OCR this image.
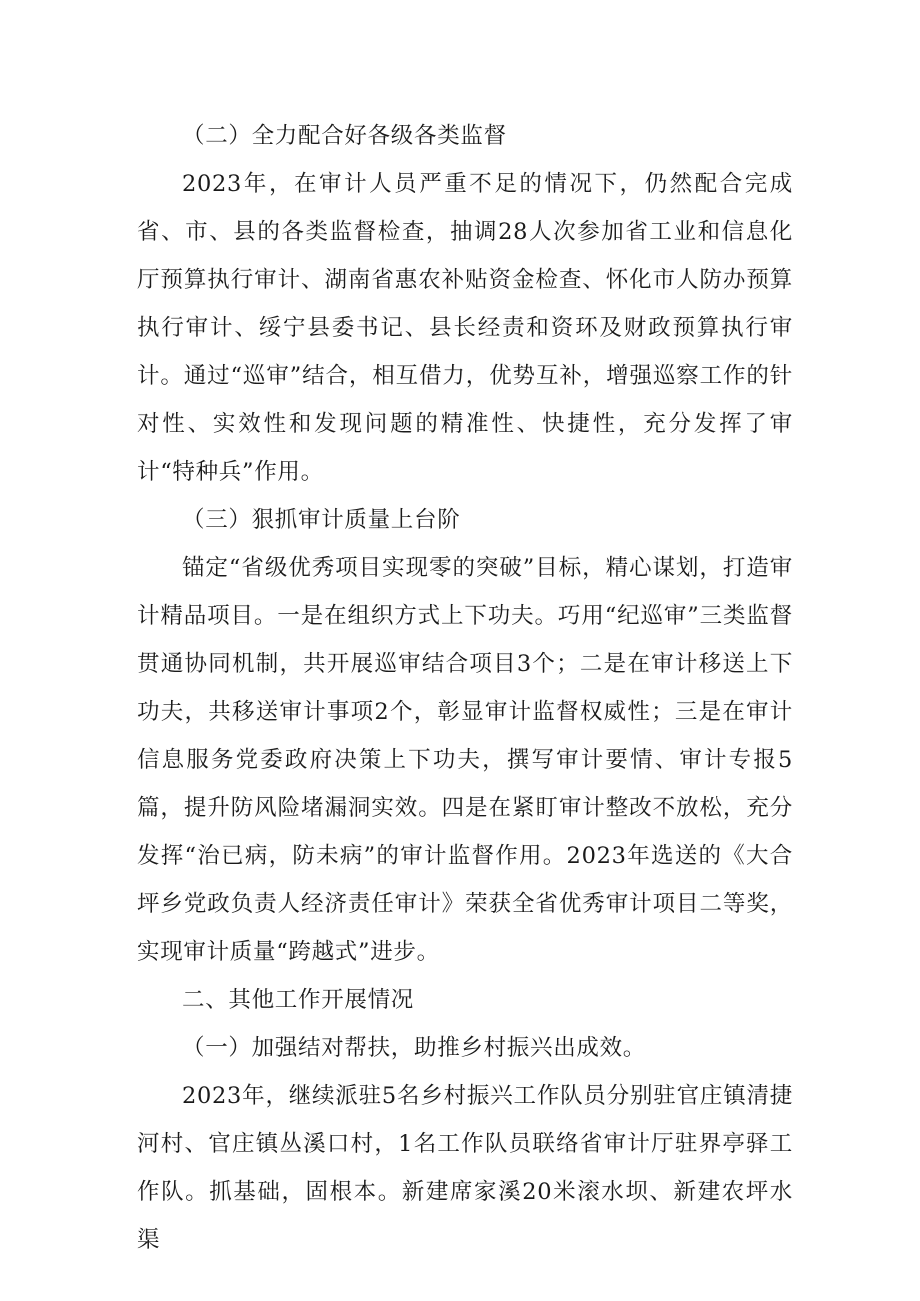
（二）全力配合好各级各类监督

2023年，在审计人员严重不足的情况下，仍然配合完成省、市、县的各类监督检查，抽调28人次参加省工业和信息化厅预算执行审计、湖南省惠农补贴资金检查、怀化市人防办预算执行审计、绥宁县委书记、县长经责和资环及财政预算执行审计。通过“巡审”结合，相互借力，优势互补，增强巡察工作的针对性、实效性和发现问题的精准性、快捷性，充分发挥了审计“特种兵”作用。

（三）狠抓审计质量上台阶

锚定“省级优秀项目实现零的突破”目标，精心谋划，打造审计精品项目。一是在组织方式上下功夫。巧用“纪巡审”三类监督贯通协同机制，共开展巡审结合项目3个；二是在审计移送上下功夫，共移送审计事项2个，彰显审计监督权威性；三是在审计信息服务党委政府决策上下功夫，撰写审计要情、审计专报5篇，提升防风险堵漏洞实效。四是在紧盯审计整改不放松，充分发挥“治已病，防未病”的审计监督作用。2023年选送的《大合坪乡党政负责人经济责任审计》荣获全省优秀审计项目二等奖，实现审计质量“跨越式”进步。

二、其他工作开展情况

（一）加强结对帮扶，助推乡村振兴出成效。

2023年，继续派驻5名乡村振兴工作队员分别驻官庄镇清捷河村、官庄镇丛溪口村，1名工作队员联络省审计厅驻界亭驿工作队。抓基础，固根本。新建席家溪20米滚水坝、新建农坪水渠
